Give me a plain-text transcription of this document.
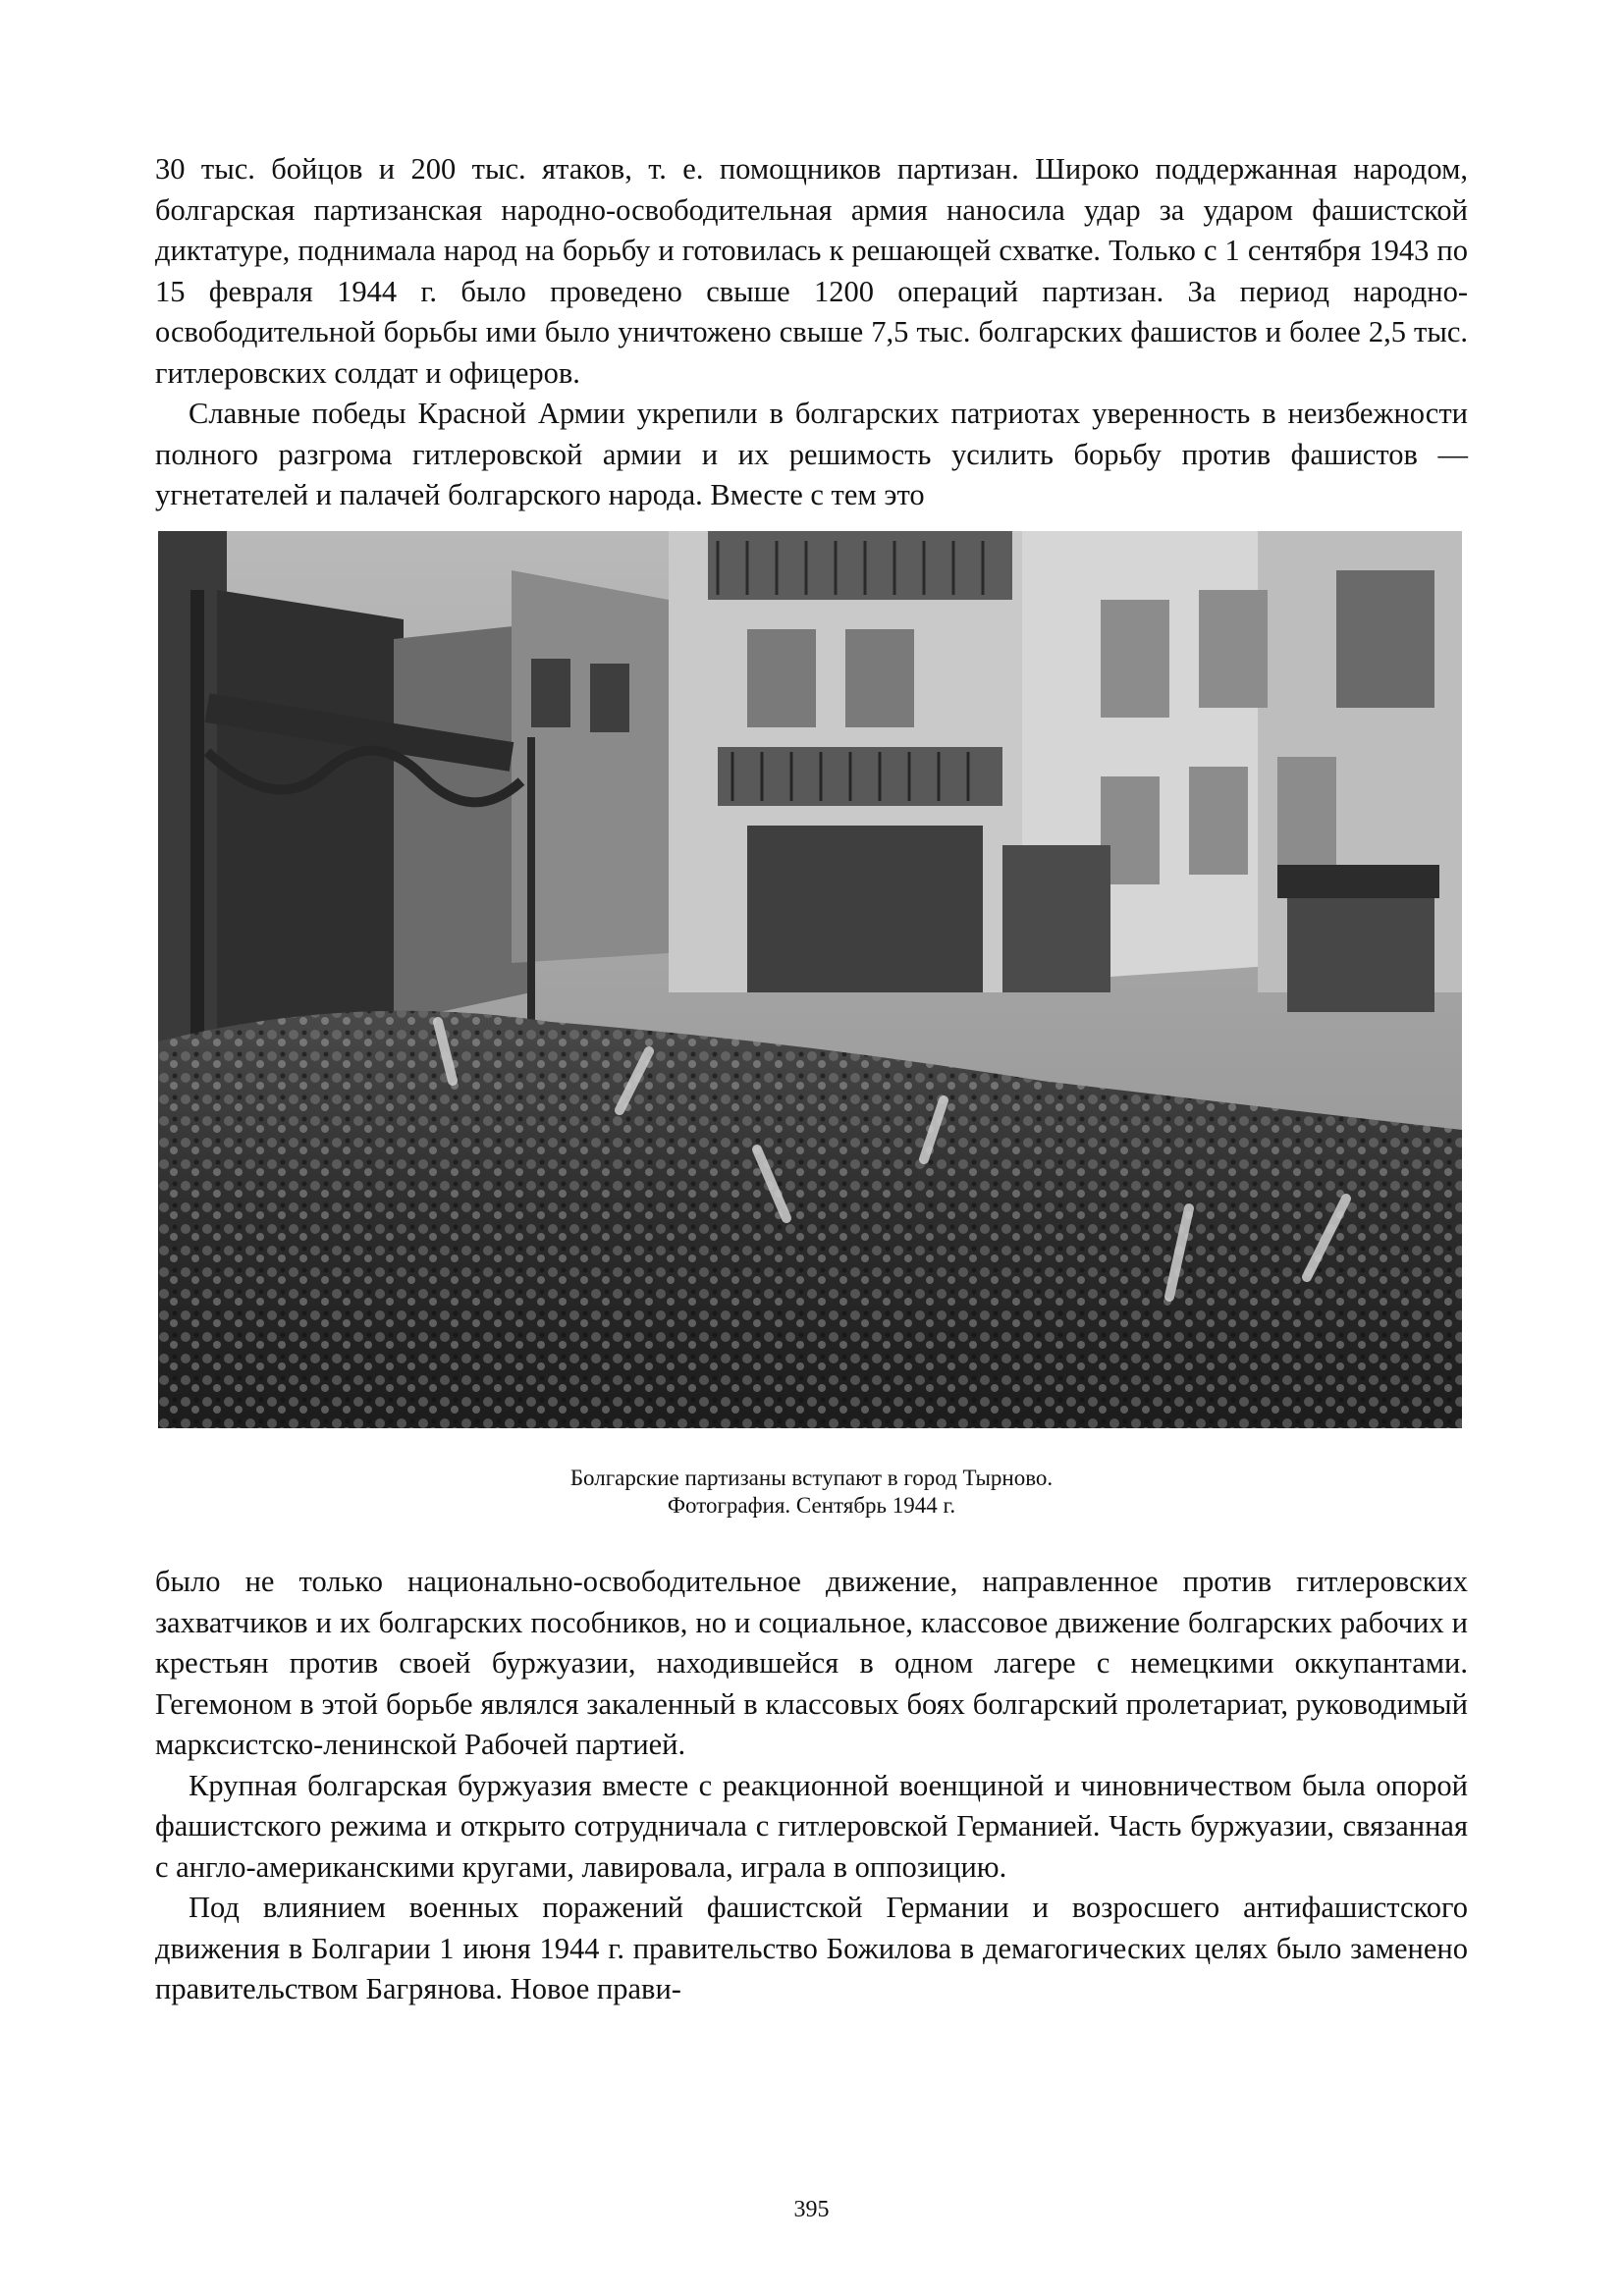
30 тыс. бойцов и 200 тыс. ятаков, т. е. помощников партизан. Широко поддержанная народом, болгарская партизанская народно-освободительная армия наносила удар за ударом фашистской диктатуре, поднимала народ на борьбу и готовилась к решающей схватке. Только с 1 сентября 1943 по 15 февраля 1944 г. было проведено свыше 1200 операций партизан. За период народно-освободительной борьбы ими было уничтожено свыше 7,5 тыс. болгарских фашистов и более 2,5 тыс. гитлеровских солдат и офицеров.

Славные победы Красной Армии укрепили в болгарских патриотах уверенность в неизбежности полного разгрома гитлеровской армии и их решимость усилить борьбу против фашистов — угнетателей и палачей болгарского народа. Вместе с тем это

Болгарские партизаны вступают в город Тырново.
Фотография. Сентябрь 1944 г.

было не только национально-освободительное движение, направленное против гитлеровских захватчиков и их болгарских пособников, но и социальное, классовое движение болгарских рабочих и крестьян против своей буржуазии, находившейся в одном лагере с немецкими оккупантами. Гегемоном в этой борьбе являлся закаленный в классовых боях болгарский пролетариат, руководимый марксистско-ленинской Рабочей партией.

Крупная болгарская буржуазия вместе с реакционной военщиной и чиновничеством была опорой фашистского режима и открыто сотрудничала с гитлеровской Германией. Часть буржуазии, связанная с англо-американскими кругами, лавировала, играла в оппозицию.

Под влиянием военных поражений фашистской Германии и возросшего антифашистского движения в Болгарии 1 июня 1944 г. правительство Божилова в демагогических целях было заменено правительством Багрянова. Новое прави-

395
